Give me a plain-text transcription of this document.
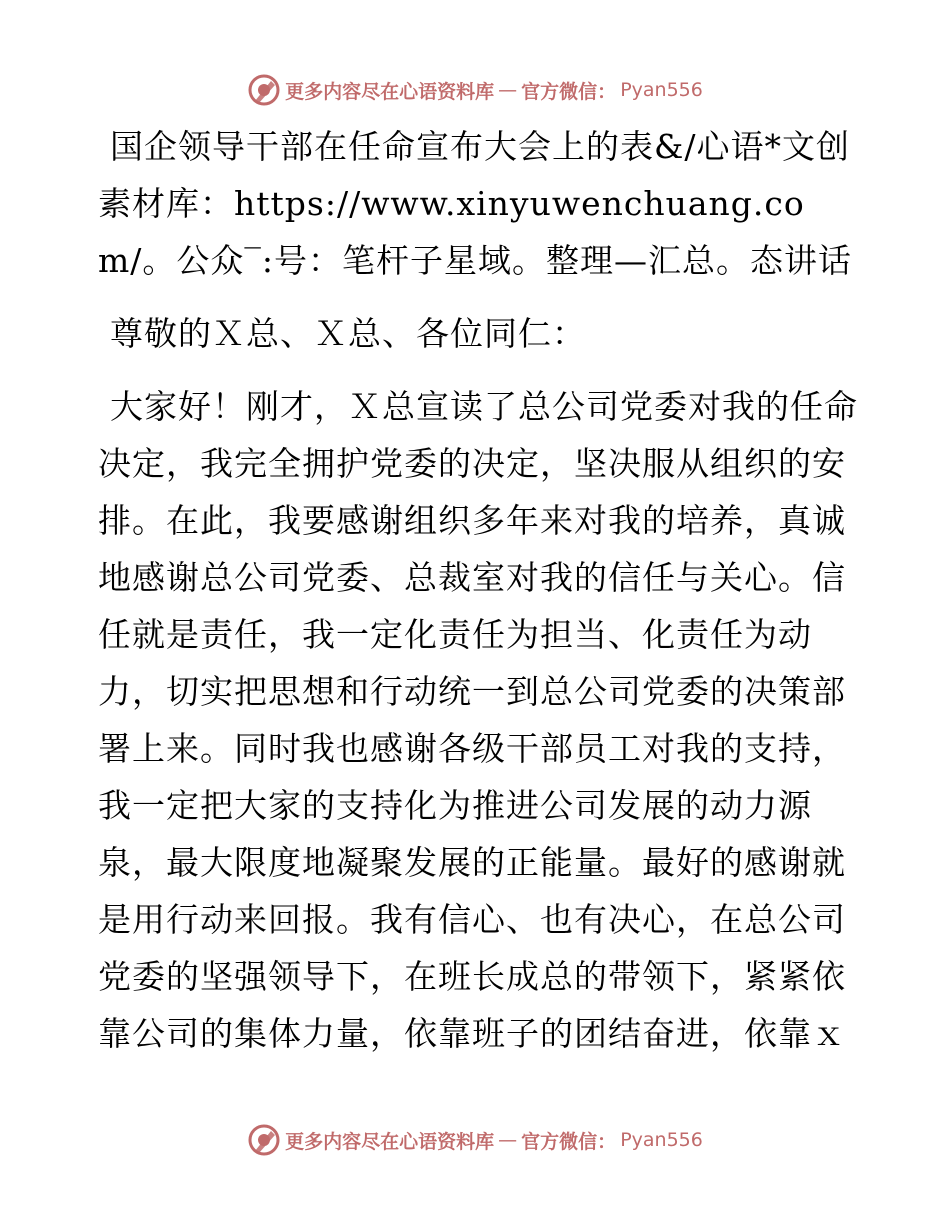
更多内容尽在心语资料库 — 官方微信： Pyan556

国企领导干部在任命宣布大会上的表&/心语*文创素材库：https://www.xinyuwenchuang.com/。公众‾:号：笔杆子星域。整理—汇总。态讲话

尊敬的Ｘ总、Ｘ总、各位同仁：

大家好！刚才，Ｘ总宣读了总公司党委对我的任命决定，我完全拥护党委的决定，坚决服从组织的安排。在此，我要感谢组织多年来对我的培养，真诚地感谢总公司党委、总裁室对我的信任与关心。信任就是责任，我一定化责任为担当、化责任为动力，切实把思想和行动统一到总公司党委的决策部署上来。同时我也感谢各级干部员工对我的支持，我一定把大家的支持化为推进公司发展的动力源泉，最大限度地凝聚发展的正能量。最好的感谢就是用行动来回报。我有信心、也有决心，在总公司党委的坚强领导下，在班长成总的带领下，紧紧依靠公司的集体力量，依靠班子的团结奋进，依靠ｘ

更多内容尽在心语资料库 — 官方微信： Pyan556
